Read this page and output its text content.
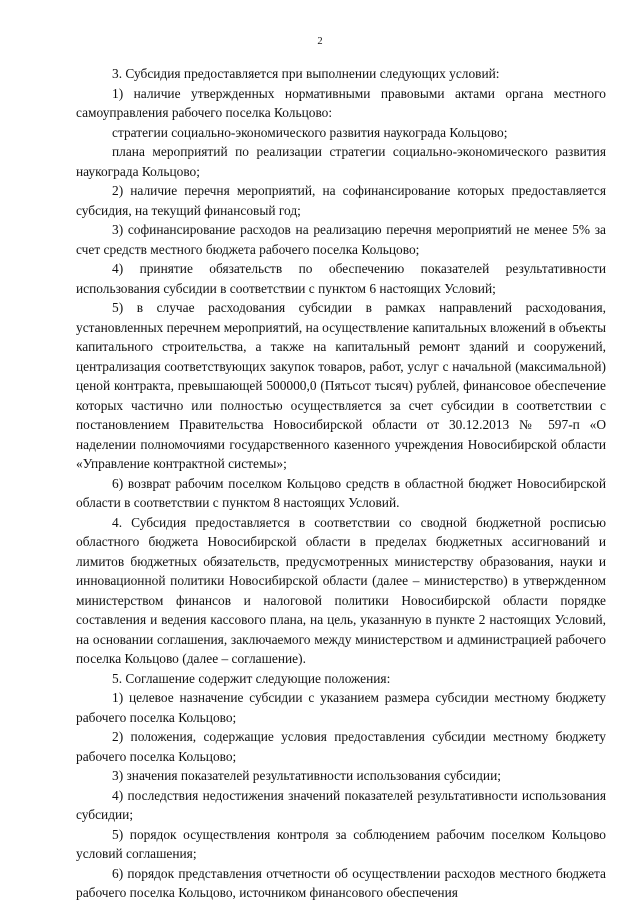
2

3. Субсидия предоставляется при выполнении следующих условий:

1) наличие утвержденных нормативными правовыми актами органа местного самоуправления рабочего поселка Кольцово:

стратегии социально-экономического развития наукограда Кольцово;

плана мероприятий по реализации стратегии социально-экономического развития наукограда Кольцово;

2) наличие перечня мероприятий, на софинансирование которых предоставляется субсидия, на текущий финансовый год;

3) софинансирование расходов на реализацию перечня мероприятий не менее 5% за счет средств местного бюджета рабочего поселка Кольцово;

4) принятие обязательств по обеспечению показателей результативности использования субсидии в соответствии с пунктом 6 настоящих Условий;

5) в случае расходования субсидии в рамках направлений расходования, установленных перечнем мероприятий, на осуществление капитальных вложений в объекты капитального строительства, а также на капитальный ремонт зданий и сооружений, централизация соответствующих закупок товаров, работ, услуг с начальной (максимальной) ценой контракта, превышающей 500000,0 (Пятьсот тысяч) рублей, финансовое обеспечение которых частично или полностью осуществляется за счет субсидии в соответствии с постановлением Правительства Новосибирской области от 30.12.2013 № 597-п «О наделении полномочиями государственного казенного учреждения Новосибирской области «Управление контрактной системы»;

6) возврат рабочим поселком Кольцово средств в областной бюджет Новосибирской области в соответствии с пунктом 8 настоящих Условий.

4. Субсидия предоставляется в соответствии со сводной бюджетной росписью областного бюджета Новосибирской области в пределах бюджетных ассигнований и лимитов бюджетных обязательств, предусмотренных министерству образования, науки и инновационной политики Новосибирской области (далее – министерство) в утвержденном министерством финансов и налоговой политики Новосибирской области порядке составления и ведения кассового плана, на цель, указанную в пункте 2 настоящих Условий, на основании соглашения, заключаемого между министерством и администрацией рабочего поселка Кольцово (далее – соглашение).

5. Соглашение содержит следующие положения:

1) целевое назначение субсидии с указанием размера субсидии местному бюджету рабочего поселка Кольцово;

2) положения, содержащие условия предоставления субсидии местному бюджету рабочего поселка Кольцово;

3) значения показателей результативности использования субсидии;

4) последствия недостижения значений показателей результативности использования субсидии;

5) порядок осуществления контроля за соблюдением рабочим поселком Кольцово условий соглашения;

6) порядок представления отчетности об осуществлении расходов местного бюджета рабочего поселка Кольцово, источником финансового обеспечения
